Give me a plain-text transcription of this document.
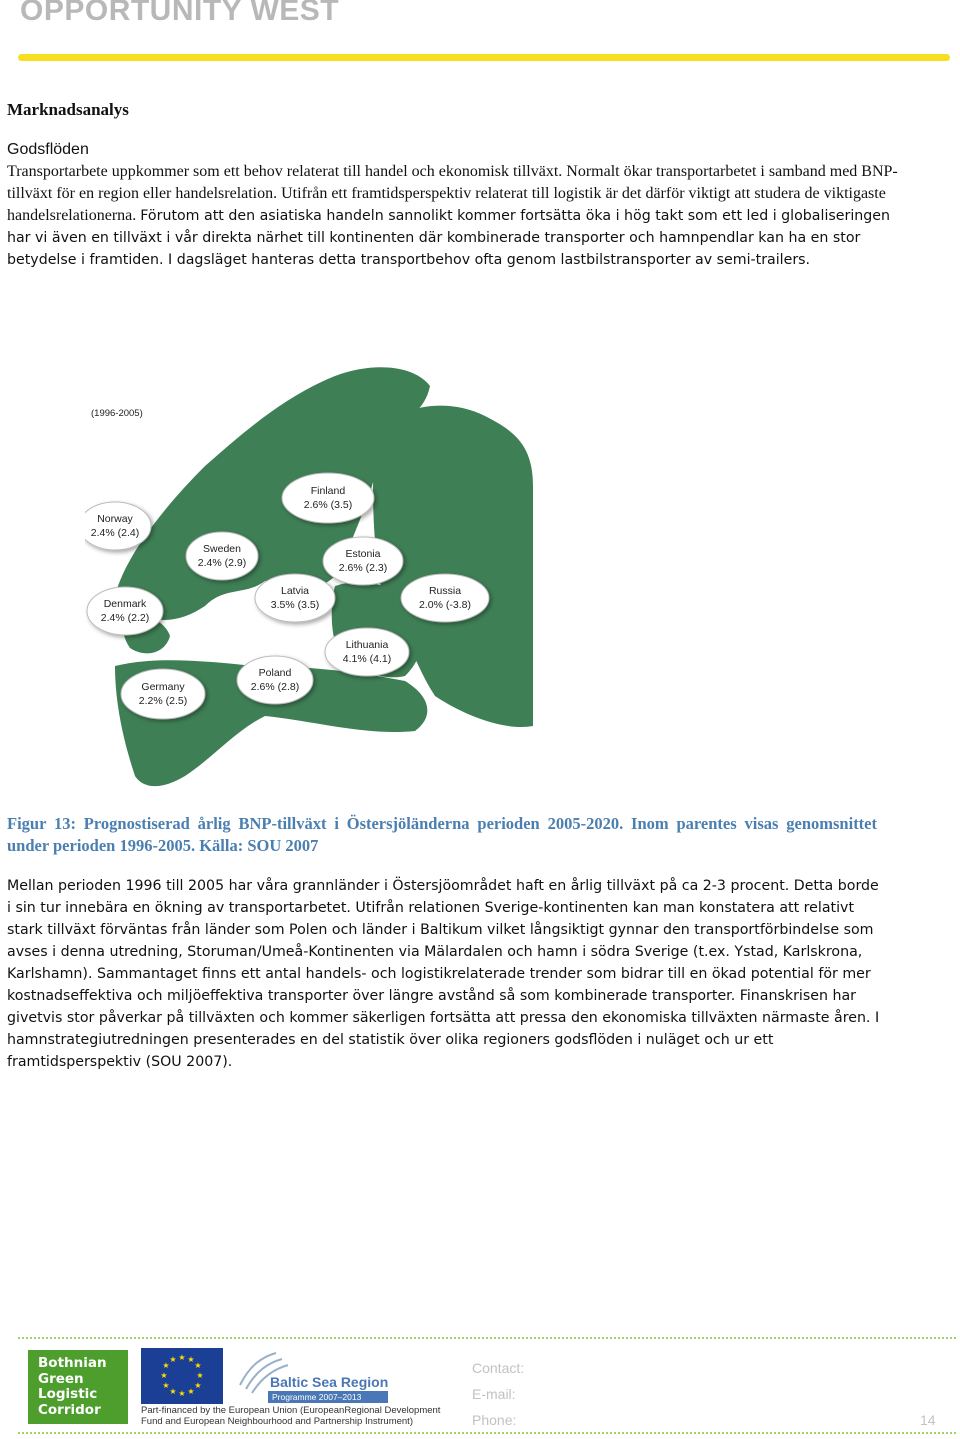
OPPORTUNITY WEST
Marknadsanalys
Godsflöden
Transportarbete uppkommer som ett behov relaterat till handel och ekonomisk tillväxt. Normalt ökar transportarbetet i samband med BNP-tillväxt för en region eller handelsrelation. Utifrån ett framtidsperspektiv relaterat till logistik är det därför viktigt att studera de viktigaste handelsrelationerna. Förutom att den asiatiska handeln sannolikt kommer fortsätta öka i hög takt som ett led i globaliseringen har vi även en tillväxt i vår direkta närhet till kontinenten där kombinerade transporter och hamnpendlar kan ha en stor betydelse i framtiden. I dagsläget hanteras detta transportbehov ofta genom lastbilstransporter av semi-trailers.
(1996-2005)
Norway
2.4% (2.4)
Sweden
2.4% (2.9)
Finland
2.6% (3.5)
Estonia
2.6% (2.3)
Denmark
2.4% (2.2)
Latvia
3.5% (3.5)
Russia
2.0% (-3.8)
Lithuania
4.1% (4.1)
Poland
2.6% (2.8)
Germany
2.2% (2.5)

Figur 13: Prognostiserad årlig BNP-tillväxt i Östersjöländerna perioden 2005-2020. Inom parentes visas genomsnittet under perioden 1996-2005. Källa: SOU 2007

Mellan perioden 1996 till 2005 har våra grannländer i Östersjöområdet haft en årlig tillväxt på ca 2-3 procent. Detta borde i sin tur innebära en ökning av transportarbetet. Utifrån relationen Sverige-kontinenten kan man konstatera att relativt stark tillväxt förväntas från länder som Polen och länder i Baltikum vilket långsiktigt gynnar den transportförbindelse som avses i denna utredning, Storuman/Umeå-Kontinenten via Mälardalen och hamn i södra Sverige (t.ex. Ystad, Karlskrona, Karlshamn). Sammantaget finns ett antal handels- och logistikrelaterade trender som bidrar till en ökad potential för mer kostnadseffektiva och miljöeffektiva transporter över längre avstånd så som kombinerade transporter. Finanskrisen har givetvis stor påverkar på tillväxten och kommer säkerligen fortsätta att pressa den ekonomiska tillväxten närmaste åren. I hamnstrategiutredningen presenterades en del statistik över olika regioners godsflöden i nuläget och ur ett framtidsperspektiv (SOU 2007).

Bothnian
Green
Logistic
Corridor
★ ★
★
★
★
★
★
★
★
★
★
★
Baltic Sea Region
Programme 2007–2013
Part-financed by the European Union (EuropeanRegional Development Fund and European Neighbourhood and Partnership Instrument)
Contact:
E-mail:
Phone:	14
